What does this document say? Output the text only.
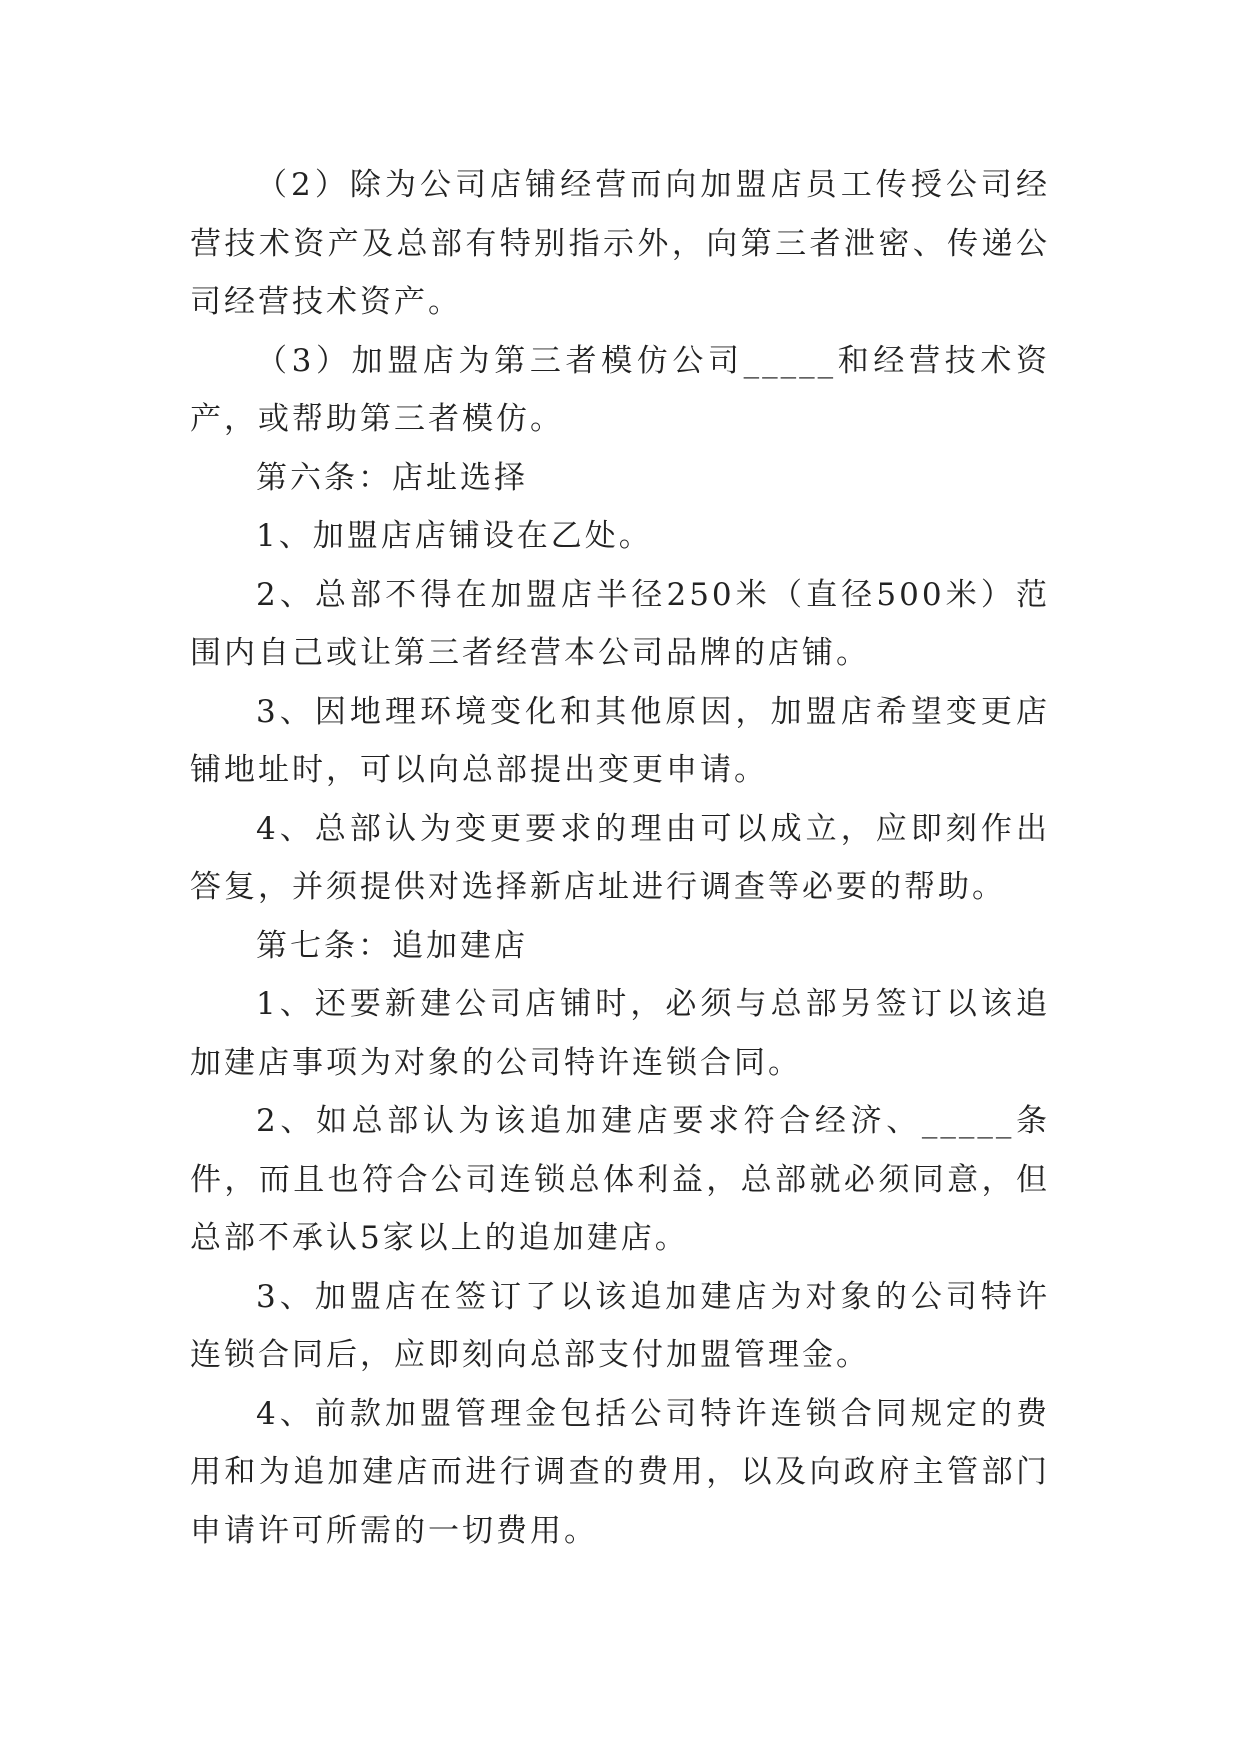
（2）除为公司店铺经营而向加盟店员工传授公司经营技术资产及总部有特别指示外，向第三者泄密、传递公司经营技术资产。

（3）加盟店为第三者模仿公司_____和经营技术资产，或帮助第三者模仿。

第六条：店址选择

1、加盟店店铺设在乙处。

2、总部不得在加盟店半径250米（直径500米）范围内自己或让第三者经营本公司品牌的店铺。

3、因地理环境变化和其他原因，加盟店希望变更店铺地址时，可以向总部提出变更申请。

4、总部认为变更要求的理由可以成立，应即刻作出答复，并须提供对选择新店址进行调查等必要的帮助。

第七条：追加建店

1、还要新建公司店铺时，必须与总部另签订以该追加建店事项为对象的公司特许连锁合同。

2、如总部认为该追加建店要求符合经济、_____条件，而且也符合公司连锁总体利益，总部就必须同意，但总部不承认5家以上的追加建店。

3、加盟店在签订了以该追加建店为对象的公司特许连锁合同后，应即刻向总部支付加盟管理金。

4、前款加盟管理金包括公司特许连锁合同规定的费用和为追加建店而进行调查的费用，以及向政府主管部门申请许可所需的一切费用。
